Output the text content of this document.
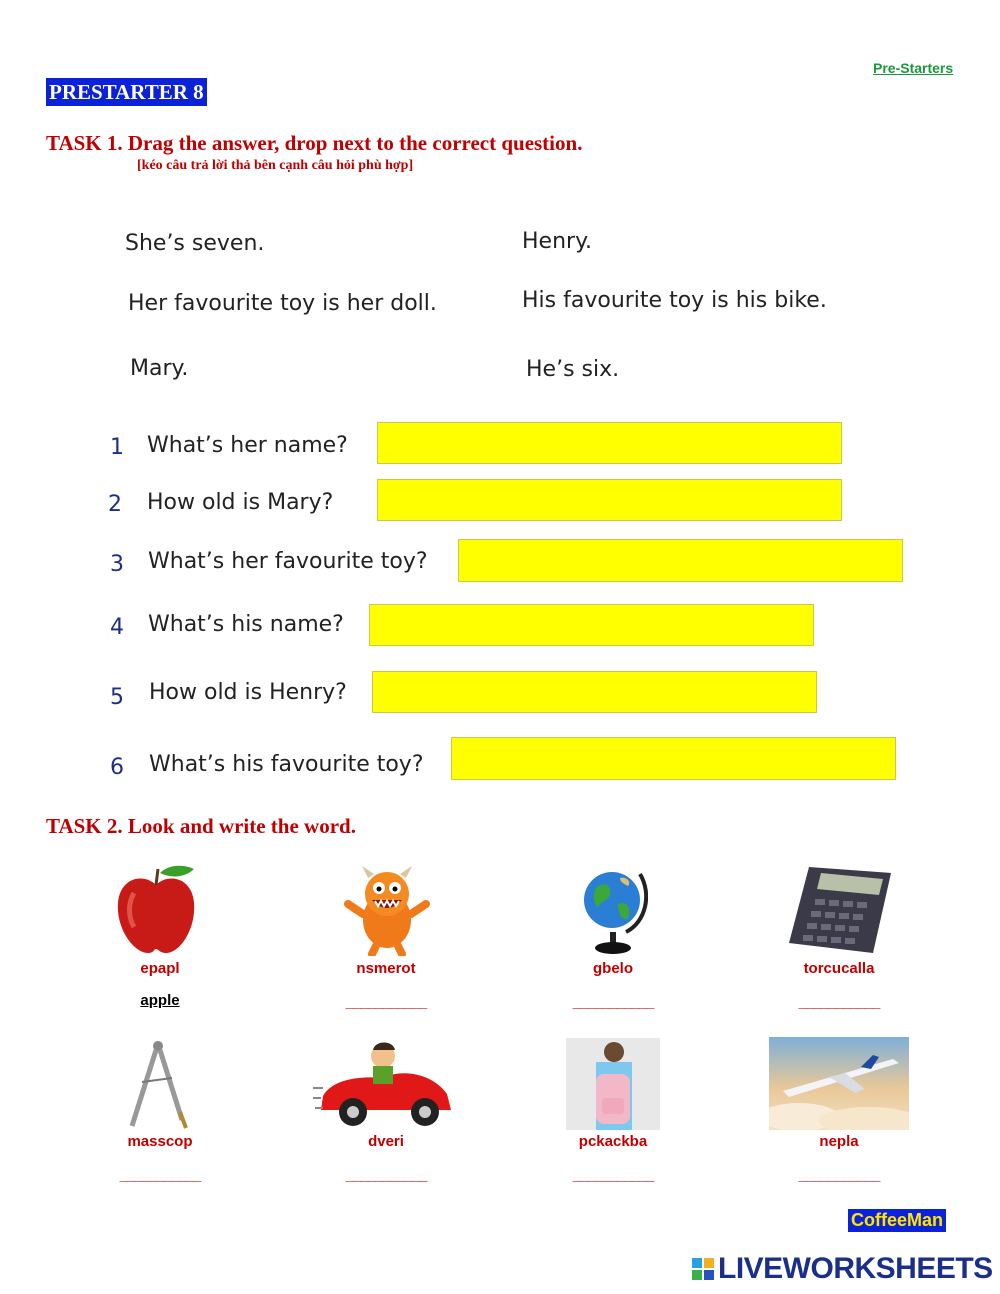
Pre-Starters
PRESTARTER 8
TASK 1. Drag the answer, drop next to the correct question.
[kéo câu trả lời thả bên cạnh câu hỏi phù hợp]
She’s seven.	Henry.
Her favourite toy is her doll.	His favourite toy is his bike.
Mary.	He’s six.
1 What’s her name?
2 How old is Mary?
3 What’s her favourite toy?
4 What’s his name?
5 How old is Henry?
6 What’s his favourite toy?
TASK 2. Look and write the word.
epapl	nsmerot	gbelo	torcucalla
apple	___________	___________	___________
masscop	dveri	pckackba	nepla
___________	___________	___________	___________
CoffeeMan
LIVEWORKSHEETS
